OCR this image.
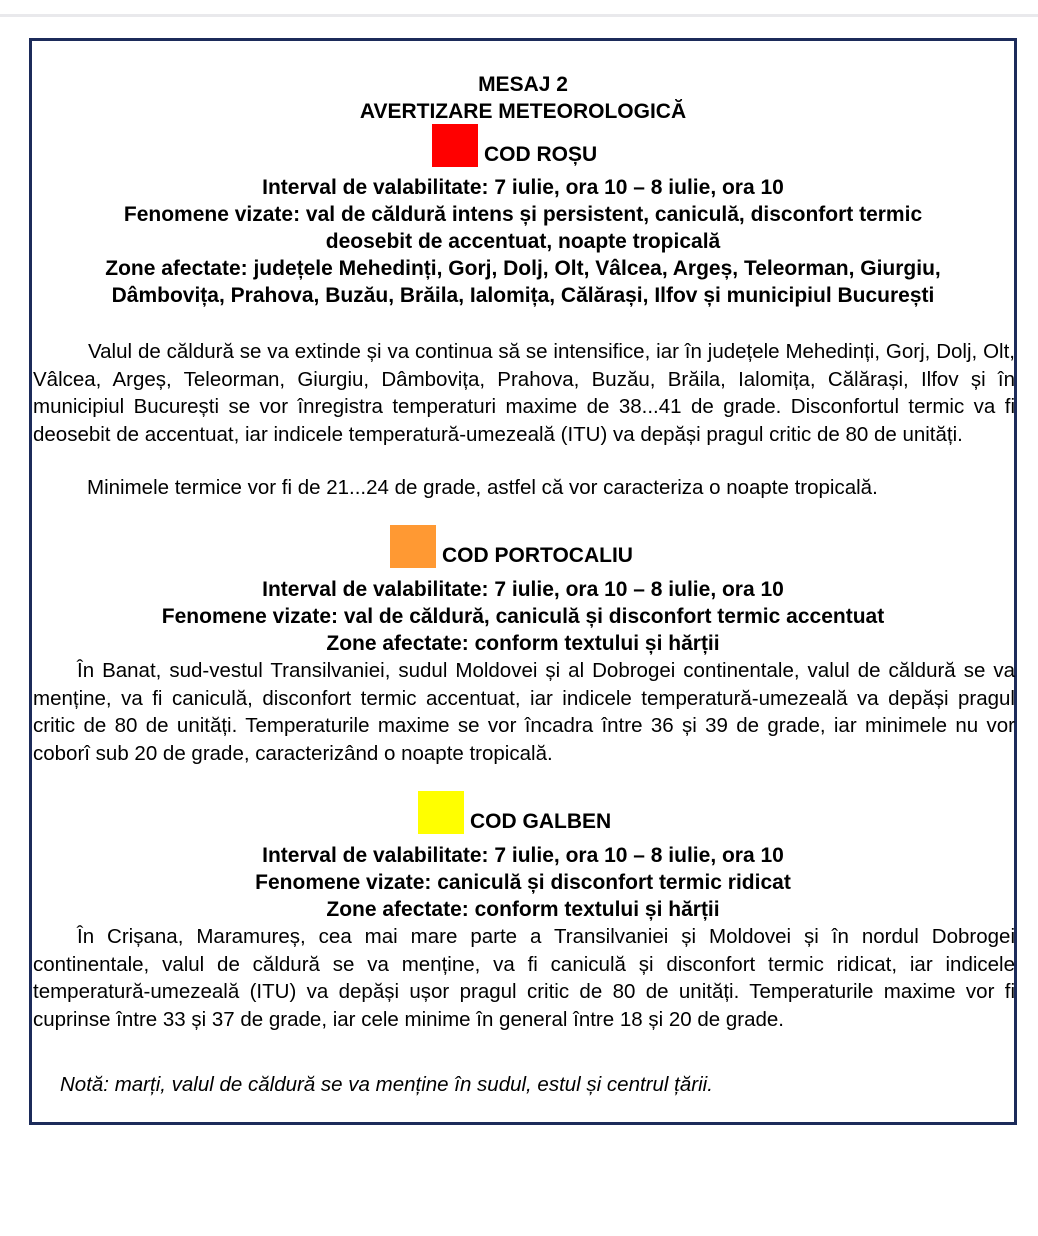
MESAJ 2
AVERTIZARE METEOROLOGICĂ
COD ROȘU
Interval de valabilitate: 7 iulie, ora 10 – 8 iulie, ora 10
Fenomene vizate: val de căldură intens și persistent, caniculă, disconfort termic
deosebit de accentuat, noapte tropicală
Zone afectate: județele Mehedinți, Gorj, Dolj, Olt, Vâlcea, Argeș, Teleorman, Giurgiu,
Dâmbovița, Prahova, Buzău, Brăila, Ialomița, Călărași, Ilfov și municipiul București
Valul de căldură se va extinde și va continua să se intensifice, iar în județele Mehedinți, Gorj, Dolj, Olt, Vâlcea, Argeș, Teleorman, Giurgiu, Dâmbovița, Prahova, Buzău, Brăila, Ialomița, Călărași, Ilfov și în municipiul București se vor înregistra temperaturi maxime de 38...41 de grade. Disconfortul termic va fi deosebit de accentuat, iar indicele temperatură-umezeală (ITU) va depăși pragul critic de 80 de unități.
Minimele termice vor fi de 21...24 de grade, astfel că vor caracteriza o noapte tropicală.
COD PORTOCALIU
Interval de valabilitate: 7 iulie, ora 10 – 8 iulie, ora 10
Fenomene vizate: val de căldură, caniculă și disconfort termic accentuat
Zone afectate: conform textului și hărții
În Banat, sud-vestul Transilvaniei, sudul Moldovei și al Dobrogei continentale, valul de căldură se va menține, va fi caniculă, disconfort termic accentuat, iar indicele temperatură-umezeală va depăși pragul critic de 80 de unități. Temperaturile maxime se vor încadra între 36 și 39 de grade, iar minimele nu vor coborî sub 20 de grade, caracterizând o noapte tropicală.
COD GALBEN
Interval de valabilitate: 7 iulie, ora 10 – 8 iulie, ora 10
Fenomene vizate: caniculă și disconfort termic ridicat
Zone afectate: conform textului și hărții
În Crișana, Maramureș, cea mai mare parte a Transilvaniei și Moldovei și în nordul Dobrogei continentale, valul de căldură se va menține, va fi caniculă și disconfort termic ridicat, iar indicele temperatură-umezeală (ITU) va depăși ușor pragul critic de 80 de unități. Temperaturile maxime vor fi cuprinse între 33 și 37 de grade, iar cele minime în general între 18 și 20 de grade.
Notă: marți, valul de căldură se va menține în sudul, estul și centrul țării.
